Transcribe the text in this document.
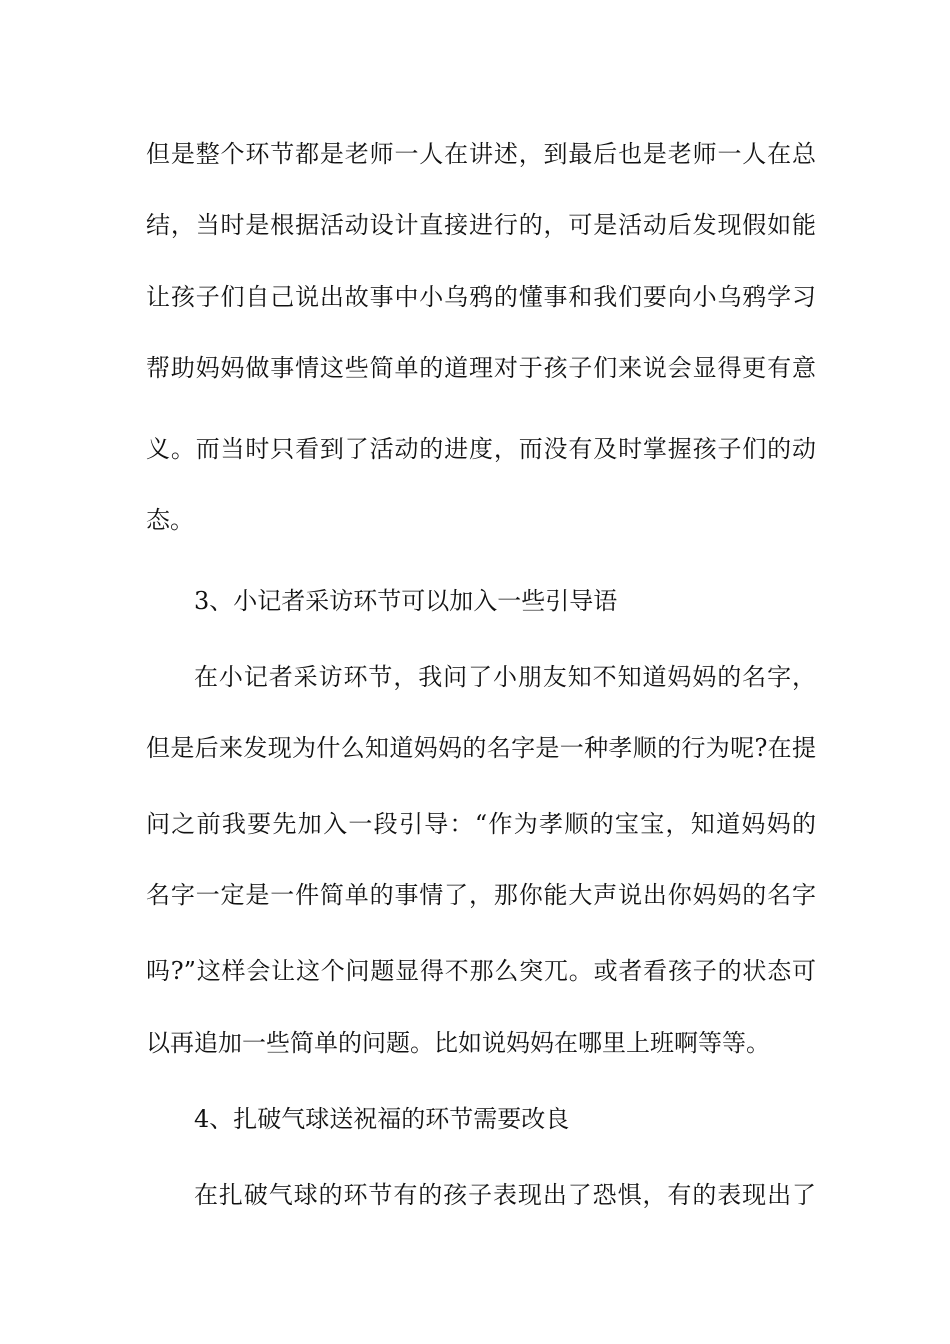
但是整个环节都是老师一人在讲述，到最后也是老师一人在总

结，当时是根据活动设计直接进行的，可是活动后发现假如能

让孩子们自己说出故事中小乌鸦的懂事和我们要向小乌鸦学习

帮助妈妈做事情这些简单的道理对于孩子们来说会显得更有意

义。而当时只看到了活动的进度，而没有及时掌握孩子们的动

态。

3、小记者采访环节可以加入一些引导语

在小记者采访环节，我问了小朋友知不知道妈妈的名字，

但是后来发现为什么知道妈妈的名字是一种孝顺的行为呢?在提

问之前我要先加入一段引导：“作为孝顺的宝宝，知道妈妈的

名字一定是一件简单的事情了，那你能大声说出你妈妈的名字

吗?”这样会让这个问题显得不那么突兀。或者看孩子的状态可

以再追加一些简单的问题。比如说妈妈在哪里上班啊等等。

4、扎破气球送祝福的环节需要改良

在扎破气球的环节有的孩子表现出了恐惧，有的表现出了
